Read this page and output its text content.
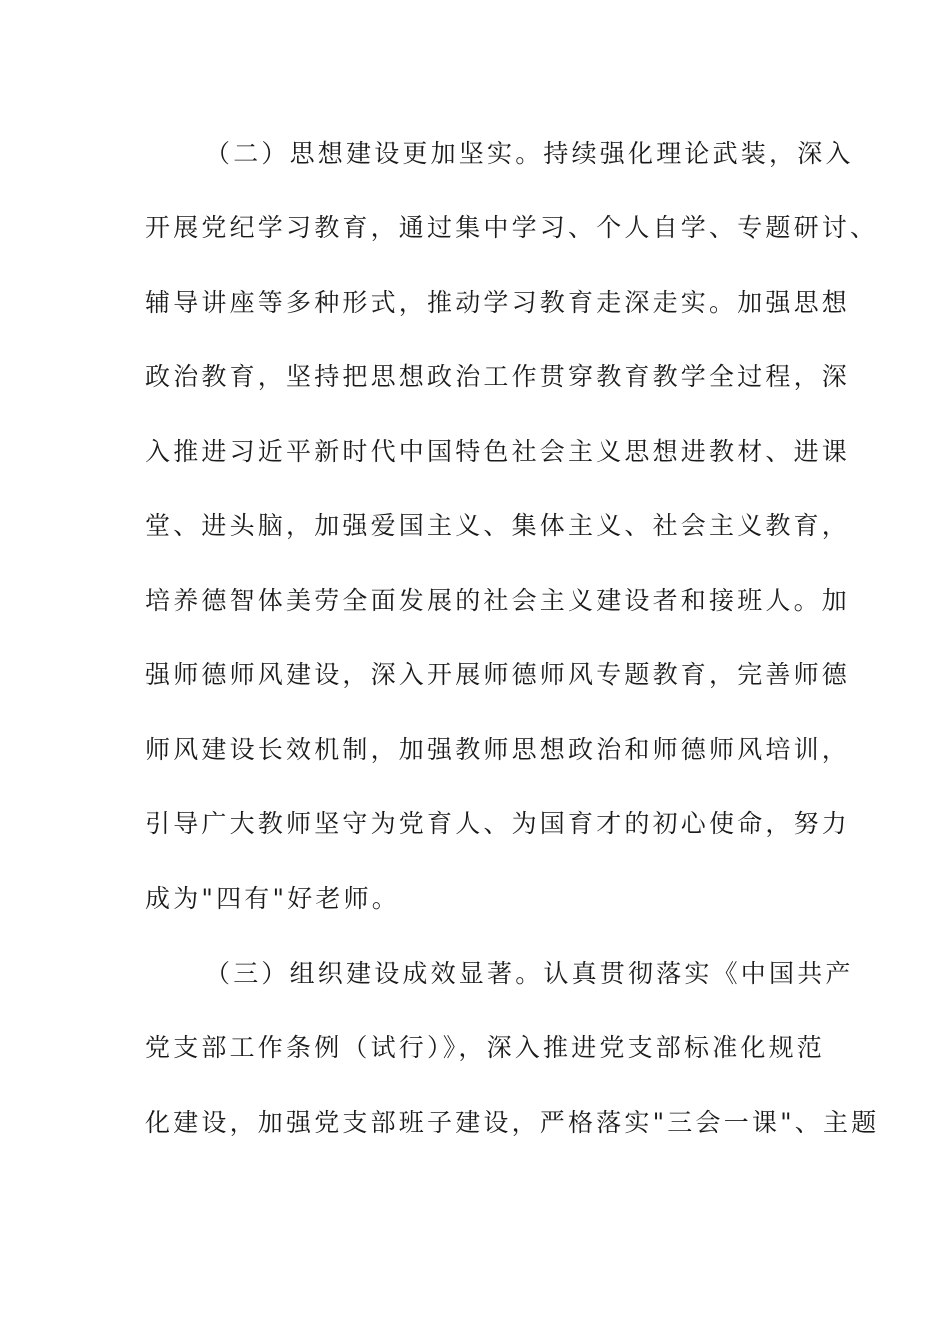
（二）思想建设更加坚实。持续强化理论武装，深入
开展党纪学习教育，通过集中学习、个人自学、专题研讨、
辅导讲座等多种形式，推动学习教育走深走实。加强思想
政治教育，坚持把思想政治工作贯穿教育教学全过程，深
入推进习近平新时代中国特色社会主义思想进教材、进课
堂、进头脑，加强爱国主义、集体主义、社会主义教育，
培养德智体美劳全面发展的社会主义建设者和接班人。加
强师德师风建设，深入开展师德师风专题教育，完善师德
师风建设长效机制，加强教师思想政治和师德师风培训，
引导广大教师坚守为党育人、为国育才的初心使命，努力
成为"四有"好老师。
（三）组织建设成效显著。认真贯彻落实《中国共产
党支部工作条例（试行）》，深入推进党支部标准化规范
化建设，加强党支部班子建设，严格落实"三会一课"、主题
